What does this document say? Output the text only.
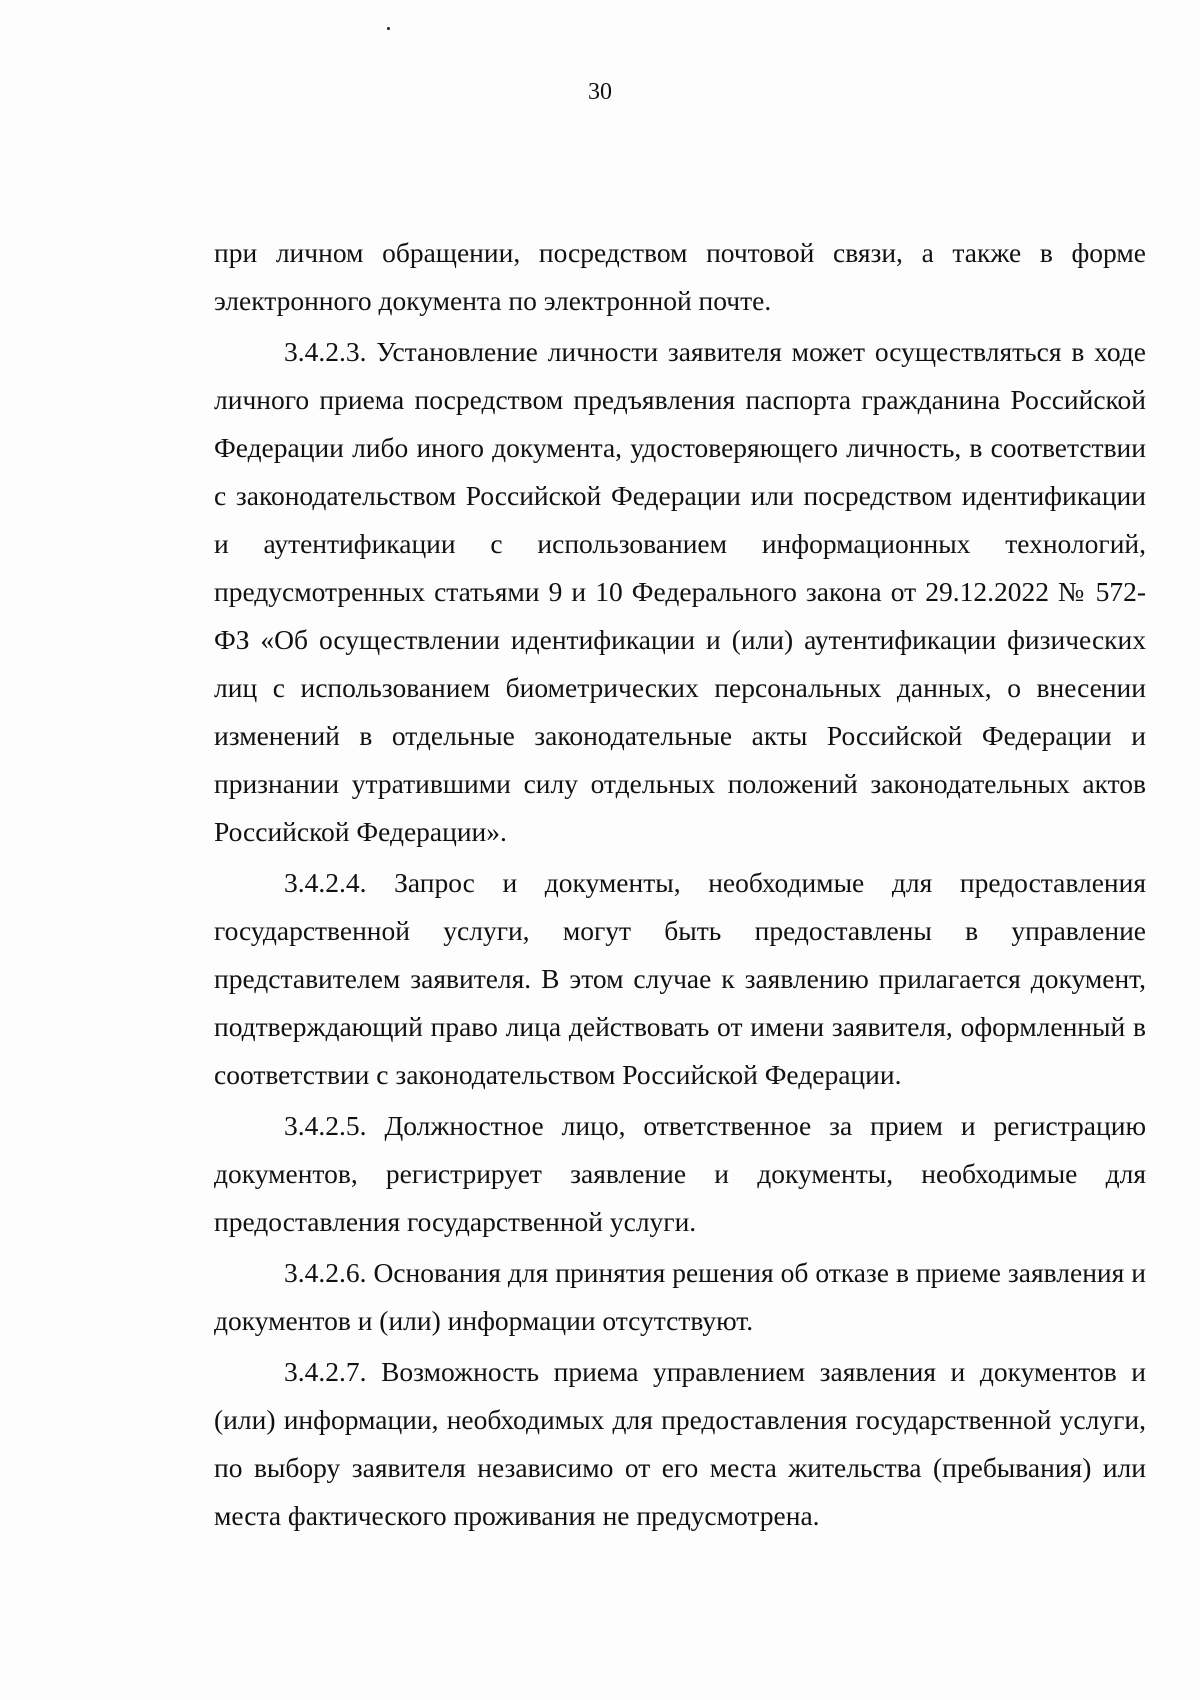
30

при личном обращении, посредством почтовой связи, а также в форме электронного документа по электронной почте.

3.4.2.3. Установление личности заявителя может осуществляться в ходе личного приема посредством предъявления паспорта гражданина Российской Федерации либо иного документа, удостоверяющего личность, в соответствии с законодательством Российской Федерации или посредством идентификации и аутентификации с использованием информационных технологий, предусмотренных статьями 9 и 10 Федерального закона от 29.12.2022 № 572-ФЗ «Об осуществлении идентификации и (или) аутентификации физических лиц с использованием биометрических персональных данных, о внесении изменений в отдельные законодательные акты Российской Федерации и признании утратившими силу отдельных положений законодательных актов Российской Федерации».

3.4.2.4. Запрос и документы, необходимые для предоставления государственной услуги, могут быть предоставлены в управление представителем заявителя. В этом случае к заявлению прилагается документ, подтверждающий право лица действовать от имени заявителя, оформленный в соответствии с законодательством Российской Федерации.

3.4.2.5. Должностное лицо, ответственное за прием и регистрацию документов, регистрирует заявление и документы, необходимые для предоставления государственной услуги.

3.4.2.6. Основания для принятия решения об отказе в приеме заявления и документов и (или) информации отсутствуют.

3.4.2.7. Возможность приема управлением заявления и документов и (или) информации, необходимых для предоставления государственной услуги, по выбору заявителя независимо от его места жительства (пребывания) или места фактического проживания не предусмотрена.
